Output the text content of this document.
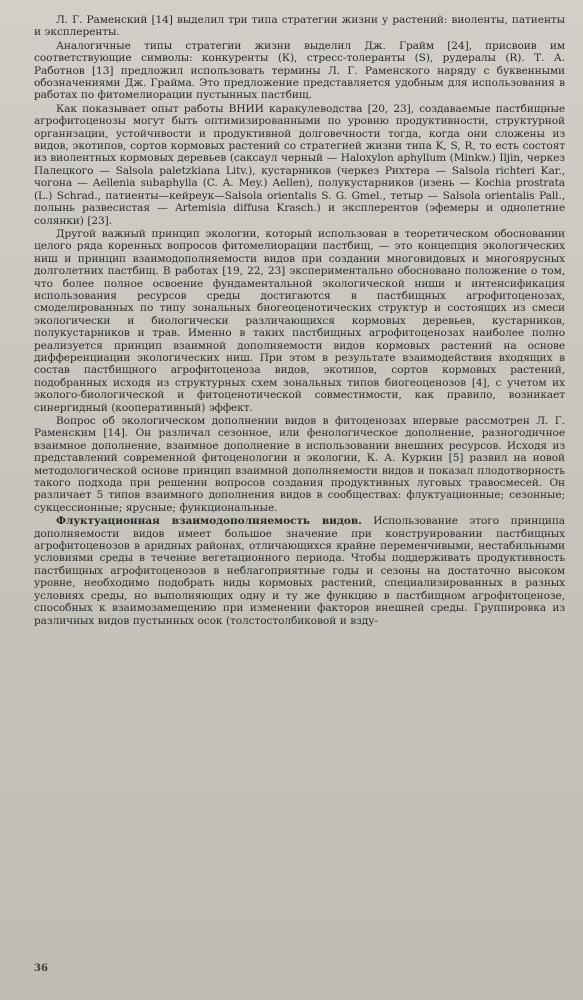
Л. Г. Раменский [14] выделил три типа стратегии жизни у растений: виоленты, патиенты и эксплеренты.

Аналогичные типы стратегии жизни выделил Дж. Грайм [24], присвоив им соответствующие символы: конкуренты (К), стресс-толеранты (S), рудералы (R). Т. А. Работнов [13] предложил использовать термины Л. Г. Раменского наряду с буквенными обозначениями Дж. Грайма. Это предложение представляется удобным для использования в работах по фитомелиорации пустынных пастбищ.

Как показывает опыт работы ВНИИ каракулеводства [20, 23], создаваемые пастбищные агрофитоценозы могут быть оптимизированными по уровню продуктивности, структурной организации, устойчивости и продуктивной долговечности тогда, когда они сложены из видов, экотипов, сортов кормовых растений со стратегией жизни типа K, S, R, то есть состоят из виолентных кормовых деревьев (саксаул черный — Haloxylon aphyllum (Minkw.) Iljin, черкез Палецкого — Salsola paletzkiana Litv.), кустарников (черкез Рихтера — Salsola richteri Kar., чогона — Aellenia subaphylla (C. A. Mey.) Aellen), полукустарников (изень — Kochia prostrata (L.) Schrad., патиенты—кейреук—Salsola orientalis S. G. Gmel., тетыр — Salsola orientalis Pall., полынь развесистая — Artemisia diffusa Krasch.) и эксплерентов (эфемеры и однолетние солянки) [23].

Другой важный принцип экологии, который использован в теоретическом обосновании целого ряда коренных вопросов фитомелиорации пастбищ, — это концепция экологических ниш и принцип взаимодополняемости видов при создании многовидовых и многоярусных долголетних пастбищ. В работах [19, 22, 23] экспериментально обосновано положение о том, что более полное освоение фундаментальной экологической ниши и интенсификация использования ресурсов среды достигаются в пастбищных агрофитоценозах, смоделированных по типу зональных биогеоценотических структур и состоящих из смеси экологически и биологически различающихся кормовых деревьев, кустарников, полукустарников и трав. Именно в таких пастбищных агрофитоценозах наиболее полно реализуется принцип взаимной дополняемости видов кормовых растений на основе дифференциации экологических ниш. При этом в результате взаимодействия входящих в состав пастбищного агрофитоценоза видов, экотипов, сортов кормовых растений, подобранных исходя из структурных схем зональных типов биогеоценозов [4], с учетом их эколого-биологической и фитоценотической совместимости, как правило, возникает синергидный (кооперативный) эффект.

Вопрос об экологическом дополнении видов в фитоценозах впервые рассмотрен Л. Г. Раменским [14]. Он различал сезонное, или фенологическое дополнение, разногодичное взаимное дополнение, взаимное дополнение в использовании внешних ресурсов. Исходя из представлений современной фитоценологии и экологии, К. А. Куркин [5] развил на новой методологической основе принцип взаимной дополняемости видов и показал плодотворность такого подхода при решении вопросов создания продуктивных луговых травосмесей. Он различает 5 типов взаимного дополнения видов в сообществах: флуктуационные; сезонные; сукцессионные; ярусные; функциональные.

Флуктуационная взаимодополняемость видов. Использование этого принципа дополняемости видов имеет большое значение при конструировании пастбищных агрофитоценозов в аридных районах, отличающихся крайне переменчивыми, нестабильными условиями среды в течение вегетационного периода. Чтобы поддерживать продуктивность пастбищных агрофитоценозов в неблагоприятные годы и сезоны на достаточно высоком уровне, необходимо подобрать виды кормовых растений, специализированных в разных условиях среды, но выполняющих одну и ту же функцию в пастбищном агрофитоценозе, способных к взаимозамещению при изменении факторов внешней среды. Группировка из различных видов пустынных осок (толстостолбиковой и взду-

36
